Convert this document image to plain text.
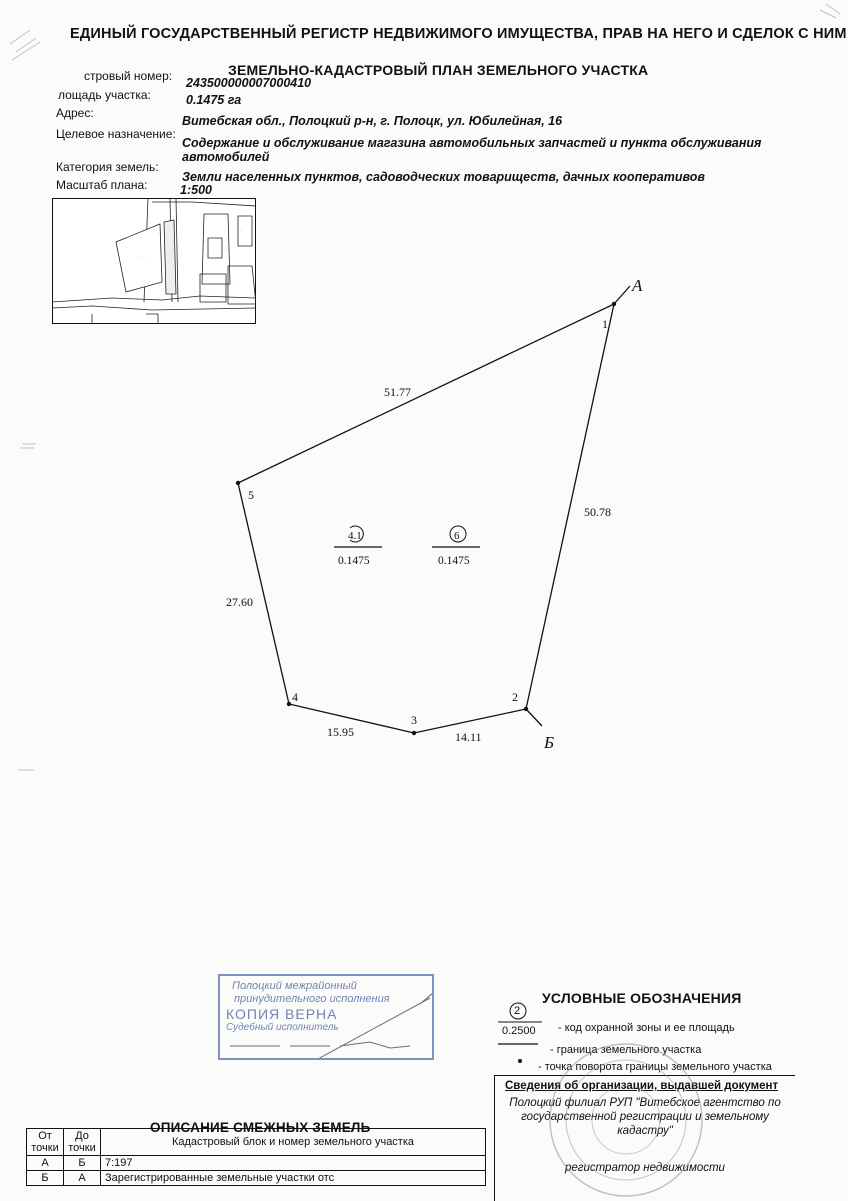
ЕДИНЫЙ ГОСУДАРСТВЕННЫЙ РЕГИСТР НЕДВИЖИМОГО ИМУЩЕСТВА, ПРАВ НА НЕГО И СДЕЛОК С НИМ
ЗЕМЕЛЬНО-КАДАСТРОВЫЙ ПЛАН ЗЕМЕЛЬНОГО УЧАСТКА
стровый номер: 243500000007000410
лощадь участка:	0.1475 га
Адрес:
Витебская обл., Полоцкий р-н, г. Полоцк, ул. Юбилейная, 16
Целевое назначение:
Содержание и обслуживание магазина автомобильных запчастей и пункта обслуживания автомобилей
Категория земель:
Земли населенных пунктов, садоводческих товариществ, дачных кооперативов
Масштаб плана:	1:500
· · ·
· ·
· ·
· ·
· ·
· ·
А
Б
1
2
3
4
5
50.78
14.11
15.95
27.60
51.77
4.1
0.1475
6
0.1475
Полоцкий межрайонный
принудительного исполнения
КОПИЯ ВЕРНА
Судебный исполнитель
УСЛОВНЫЕ ОБОЗНАЧЕНИЯ
2
0.2500 - код охранной зоны и ее площадь
- граница земельного участка
- точка поворота границы земельного участка
Сведения об организации, выдавшей документ
Полоцкий филиал РУП "Витебское агентство по государственной регистрации и земельному кадастру"
регистратор недвижимости
ОПИСАНИЕ СМЕЖНЫХ ЗЕМЕЛЬ
От точки	До точки	Кадастровый блок и номер земельного участка
А	Б	7:197
Б	А	Зарегистрированные земельные участки отс
